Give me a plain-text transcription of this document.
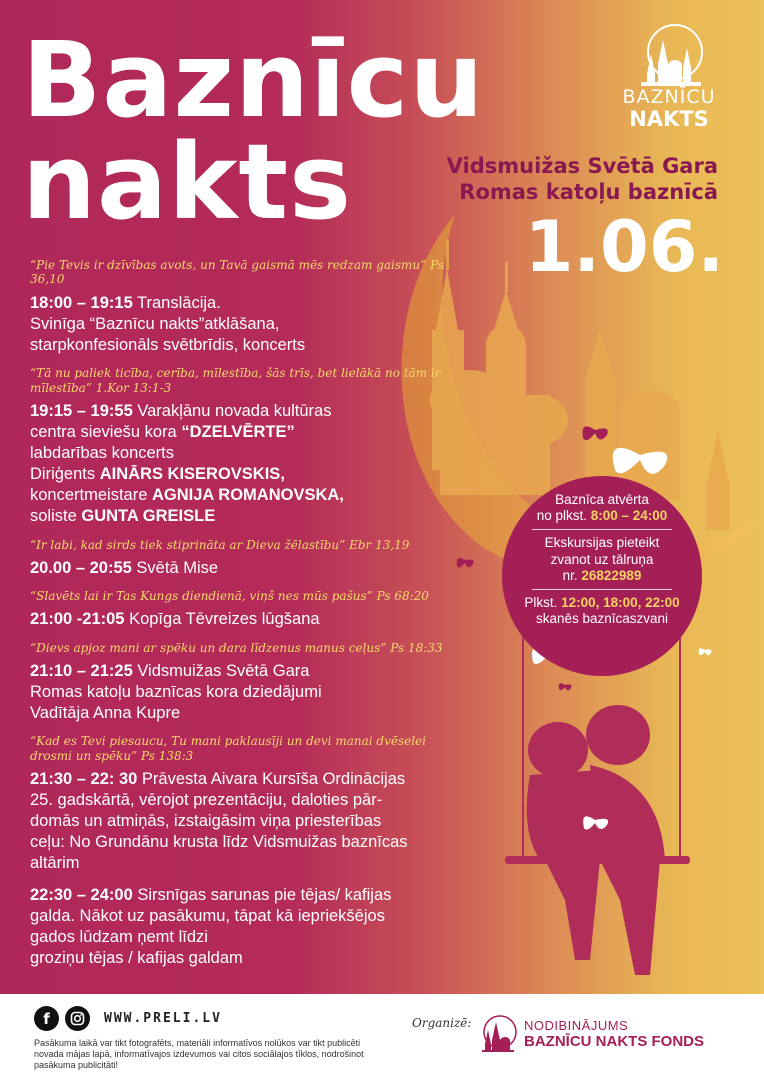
Baznīcu
nakts
BAZNĪCU
NAKTS
Vidsmuižas Svētā Gara
Romas katoļu baznīcā
1.06.
“Pie Tevis ir dzīvības avots, un Tavā gaismā mēs redzam gaismu” Ps 36,10
18:00 – 19:15 Translācija.
Svinīga “Baznīcu nakts”atklāšana,
starpkonfesionāls svētbrīdis, koncerts
“Tā nu paliek ticība, cerība, mīlestība, šās trīs, bet lielākā no tām ir mīlestība” 1.Kor 13:1-3
19:15 – 19:55 Varakļānu novada kultūras
centra sieviešu kora “DZELVĒRTE”
labdarības koncerts
Diriģents AINĀRS KISEROVSKIS,
koncertmeistare AGNIJA ROMANOVSKA,
soliste GUNTA GREISLE
“Ir labi, kad sirds tiek stiprināta ar Dieva žēlastību” Ebr 13,19
20.00 – 20:55 Svētā Mise
“Slavēts lai ir Tas Kungs diendienā, viņš nes mūs pašus” Ps 68:20
21:00 -21:05 Kopīga Tēvreizes lūgšana
“Dievs apjoz mani ar spēku un dara līdzenus manus ceļus” Ps 18:33
21:10 – 21:25 Vidsmuižas Svētā Gara
Romas katoļu baznīcas kora dziedājumi
Vadītāja Anna Kupre
“Kad es Tevi piesaucu, Tu mani paklausīji un devi manai dvēselei drosmi un spēku” Ps 138:3
21:30 – 22: 30 Prāvesta Aivara Kursīša Ordinācijas
25. gadskārtā, vērojot prezentāciju, daloties pār-
domās un atmiņās, izstaigāsim viņa priesterības
ceļu: No Grundānu krusta līdz Vidsmuižas baznīcas
altārim
22:30 – 24:00 Sirsnīgas sarunas pie tējas/ kafijas
galda. Nākot uz pasākumu, tāpat kā iepriekšējos
gados lūdzam ņemt līdzi
groziņu tējas / kafijas galdam
Baznīca atvērta
no plkst. 8:00 – 24:00
Ekskursijas pieteikt
zvanot uz tālruņa
nr. 26822989
Plkst. 12:00, 18:00, 22:00
skanēs baznīcaszvani
f	WWW.PRELI.LV
Pasākuma laikā var tikt fotografēts, materiāli informatīvos nolūkos var tikt publicēti novada mājas lapā, informatīvajos izdevumos vai citos sociālajos tīklos, nodrošinot pasākuma publicitāti!
Organizē:	NODIBINĀJUMS
BAZNĪCU NAKTS FONDS
